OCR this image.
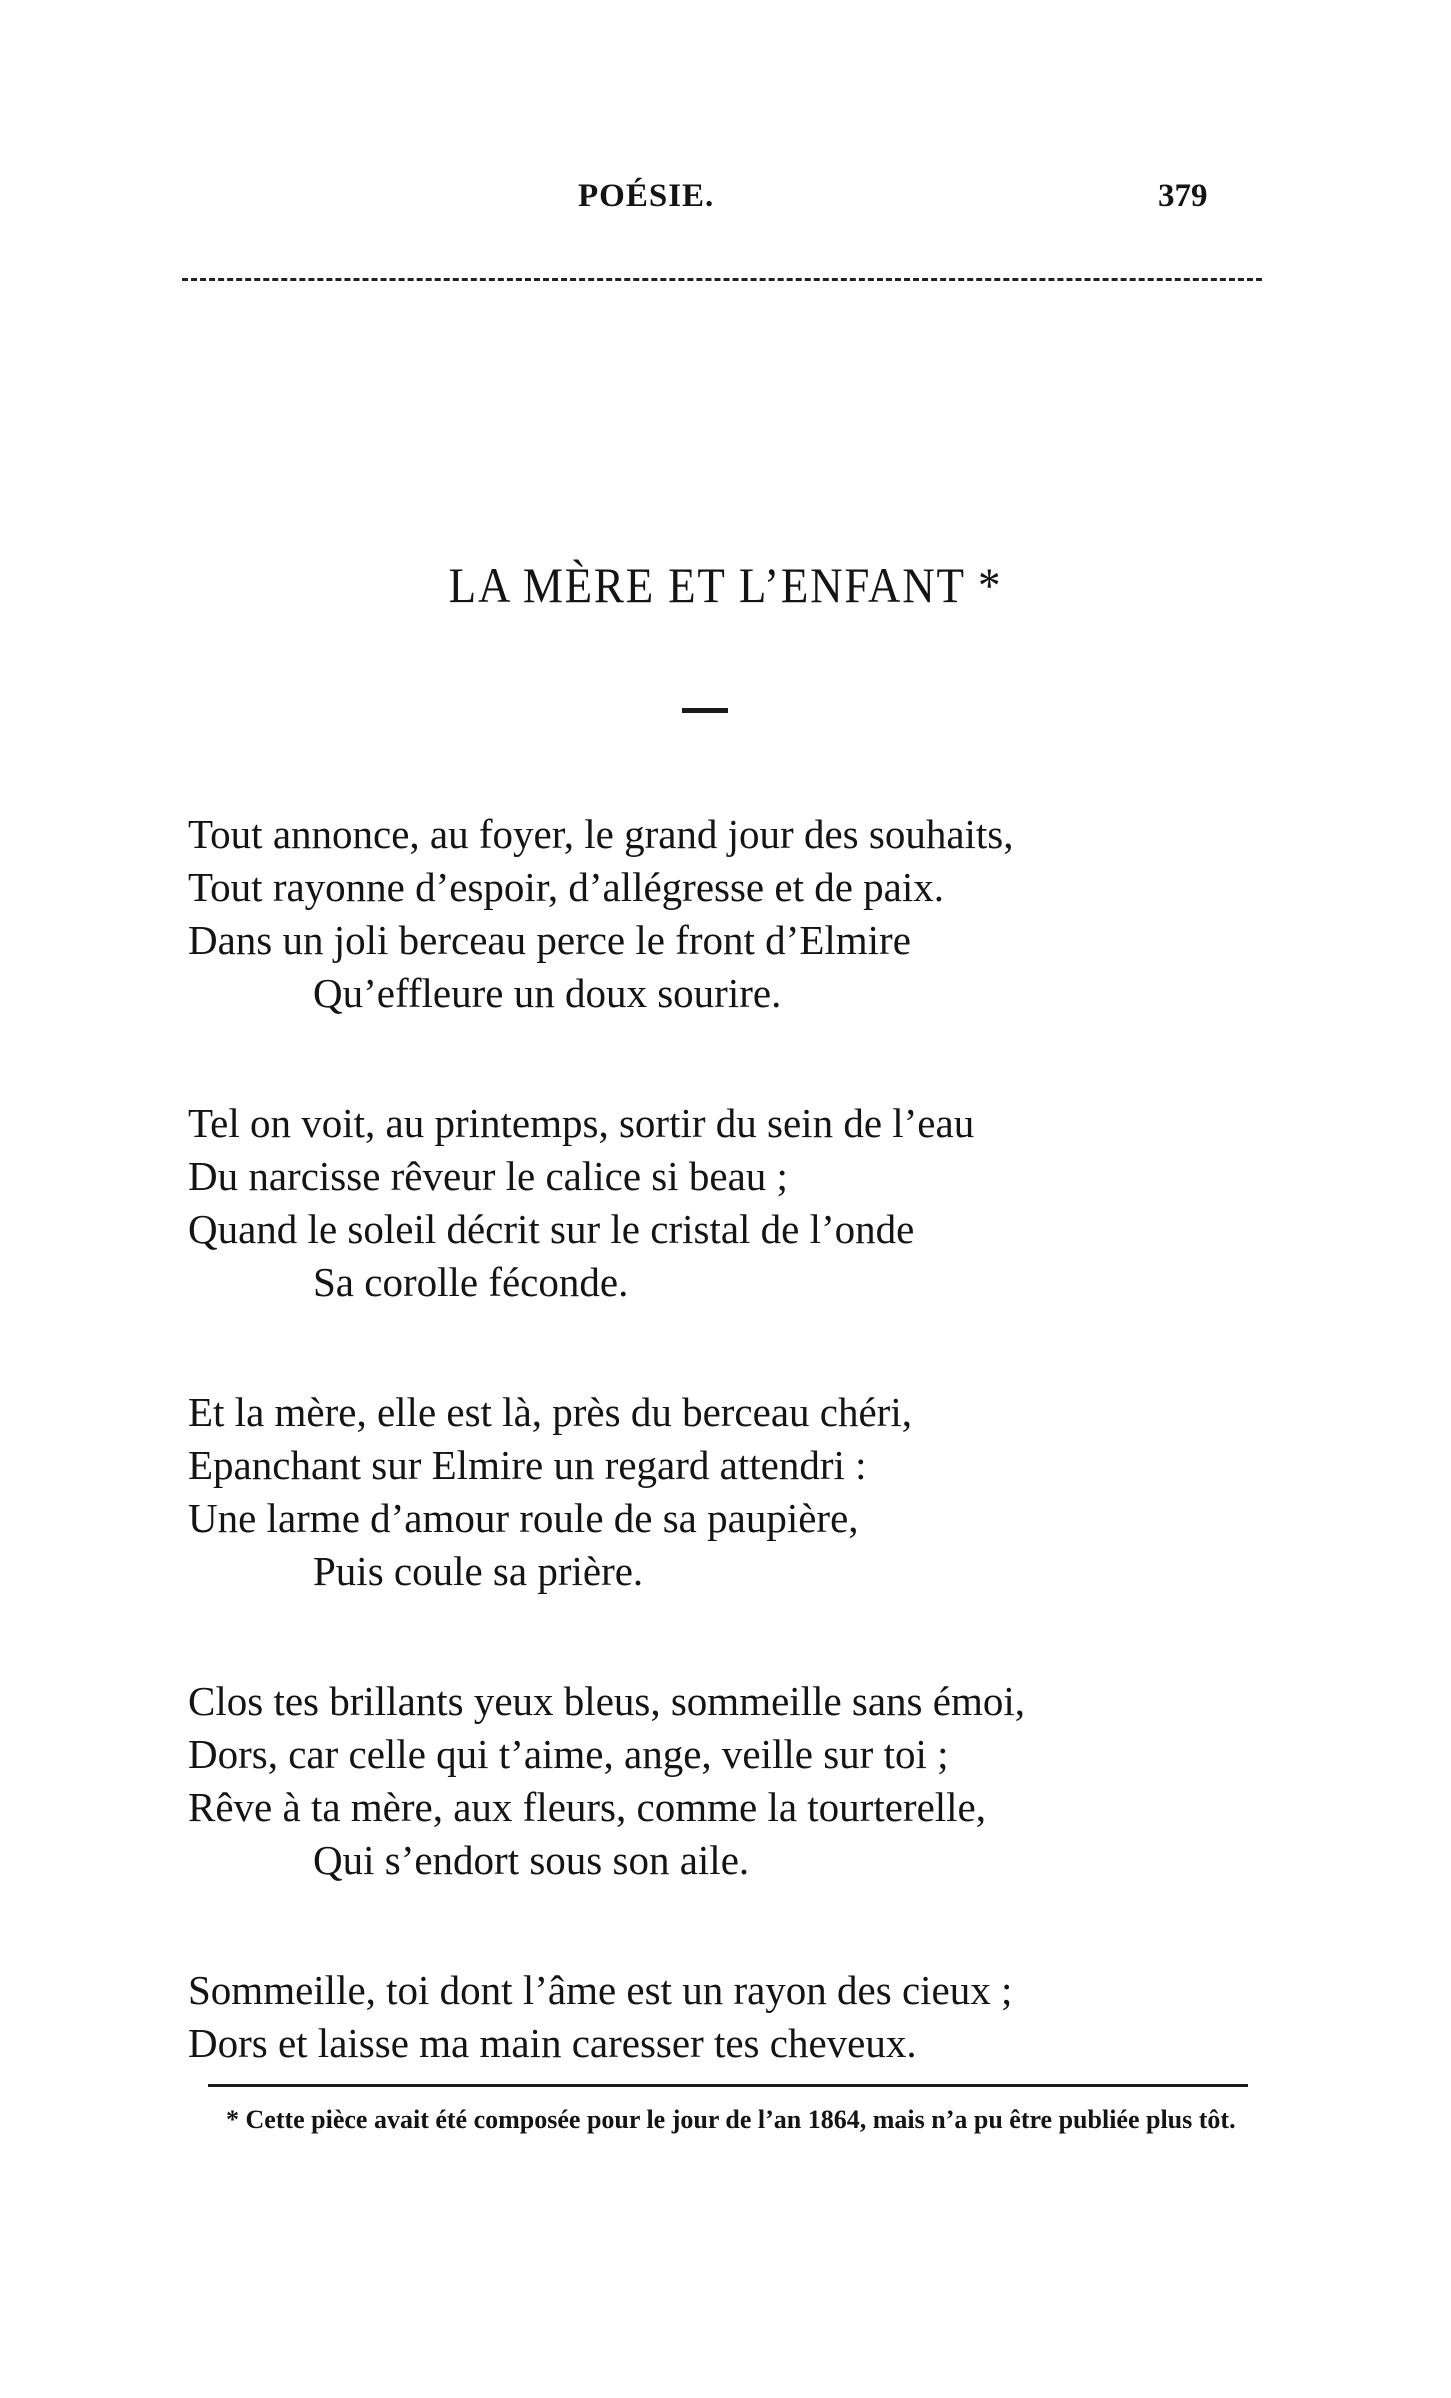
POÉSIE.	379
LA MÈRE ET L’ENFANT *
Tout annonce, au foyer, le grand jour des souhaits,
Tout rayonne d’espoir, d’allégresse et de paix.
Dans un joli berceau perce le front d’Elmire
Qu’effleure un doux sourire.
Tel on voit, au printemps, sortir du sein de l’eau
Du narcisse rêveur le calice si beau ;
Quand le soleil décrit sur le cristal de l’onde
Sa corolle féconde.
Et la mère, elle est là, près du berceau chéri,
Epanchant sur Elmire un regard attendri :
Une larme d’amour roule de sa paupière,
Puis coule sa prière.
Clos tes brillants yeux bleus, sommeille sans émoi,
Dors, car celle qui t’aime, ange, veille sur toi ;
Rêve à ta mère, aux fleurs, comme la tourterelle,
Qui s’endort sous son aile.
Sommeille, toi dont l’âme est un rayon des cieux ;
Dors et laisse ma main caresser tes cheveux.
* Cette pièce avait été composée pour le jour de l’an 1864, mais n’a pu être publiée plus tôt.
